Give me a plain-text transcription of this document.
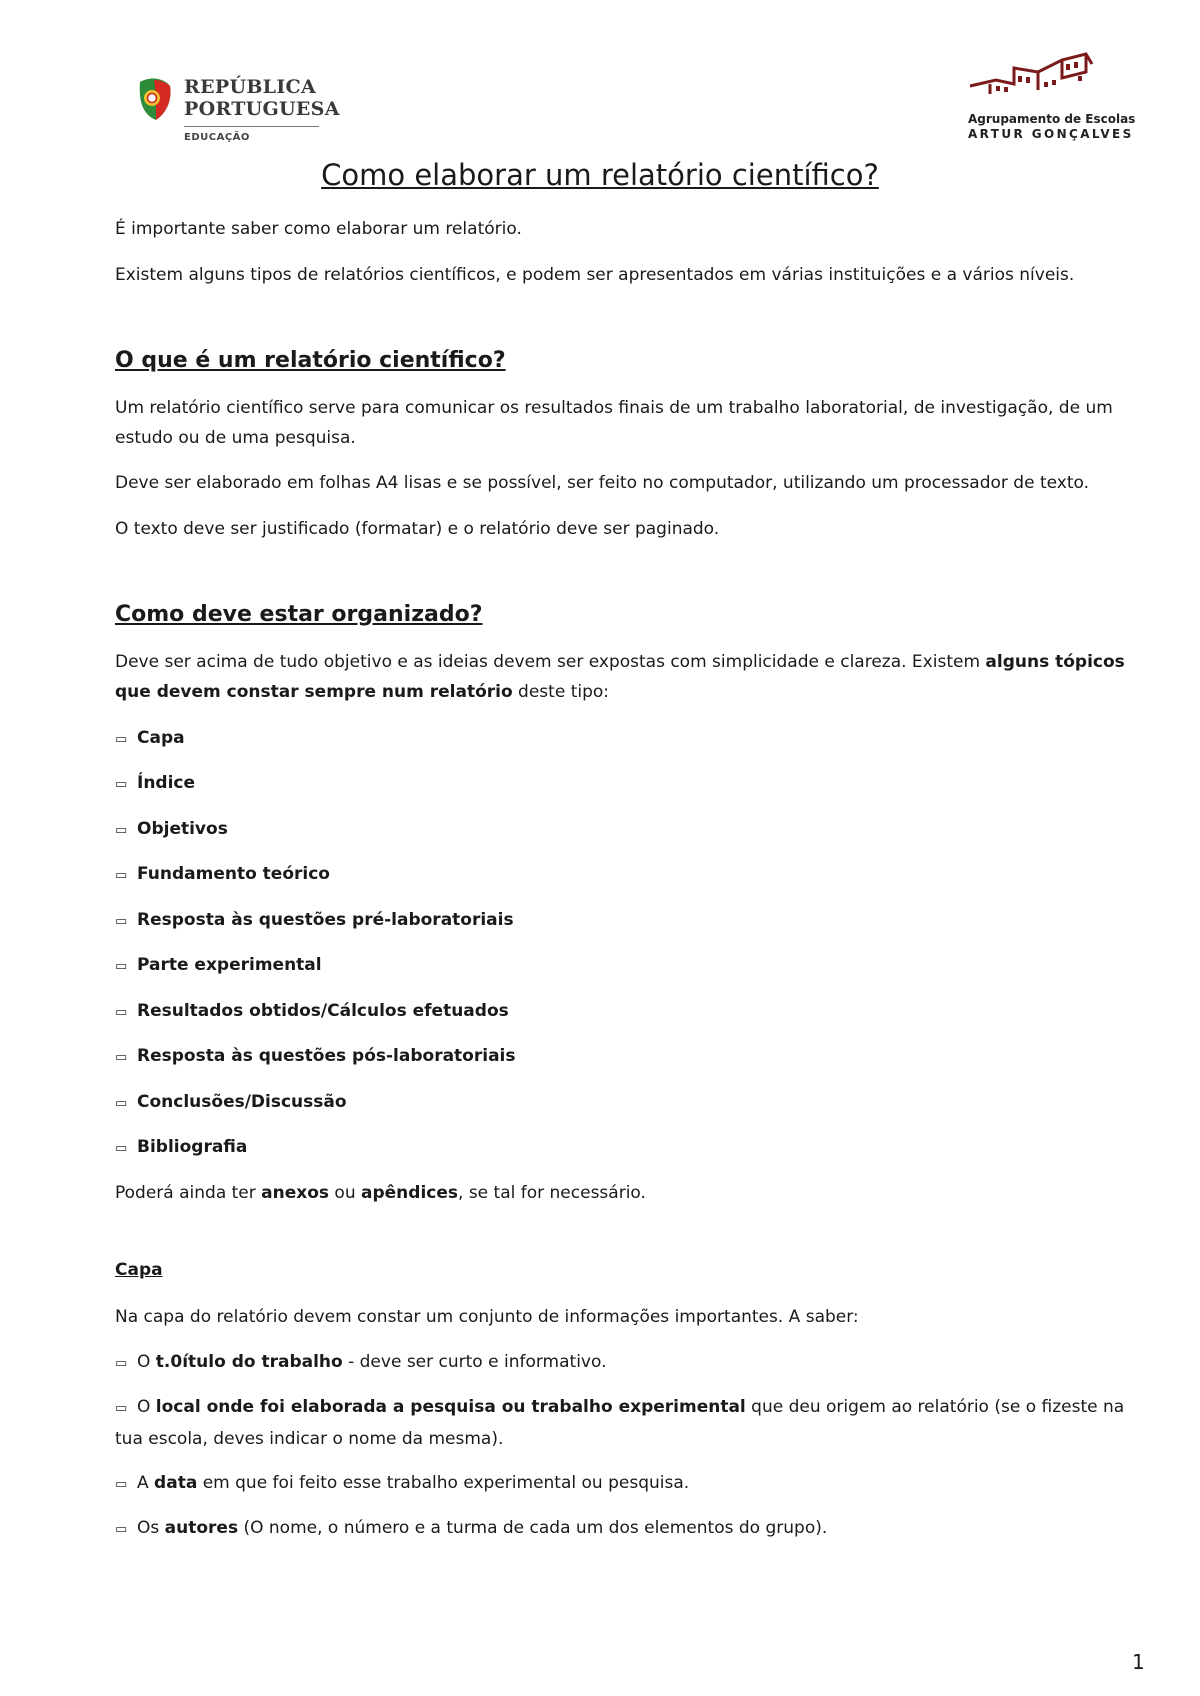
REPÚBLICA
PORTUGUESA
EDUCAÇÃO
Agrupamento de Escolas
ARTUR GONÇALVES
Como elaborar um relatório científico?

É importante saber como elaborar um relatório.

Existem alguns tipos de relatórios científicos, e podem ser apresentados em várias instituições e a vários níveis.

O que é um relatório científico?

Um relatório científico serve para comunicar os resultados finais de um trabalho laboratorial, de investigação, de um estudo ou de uma pesquisa.

Deve ser elaborado em folhas A4 lisas e se possível, ser feito no computador, utilizando um processador de texto.

O texto deve ser justificado (formatar) e o relatório deve ser paginado.

Como deve estar organizado?

Deve ser acima de tudo objetivo e as ideias devem ser expostas com simplicidade e clareza. Existem alguns tópicos que devem constar sempre num relatório deste tipo:

▭ Capa
▭ Índice
▭ Objetivos
▭ Fundamento teórico
▭ Resposta às questões pré-laboratoriais
▭ Parte experimental
▭ Resultados obtidos/Cálculos efetuados
▭ Resposta às questões pós-laboratoriais
▭ Conclusões/Discussão
▭ Bibliografia

Poderá ainda ter anexos ou apêndices, se tal for necessário.

Capa

Na capa do relatório devem constar um conjunto de informações importantes. A saber:

▭ O t.0ítulo do trabalho - deve ser curto e informativo.
▭ O local onde foi elaborada a pesquisa ou trabalho experimental que deu origem ao relatório (se o fizeste na tua escola, deves indicar o nome da mesma).
▭ A data em que foi feito esse trabalho experimental ou pesquisa.
▭ Os autores (O nome, o número e a turma de cada um dos elementos do grupo).
1
